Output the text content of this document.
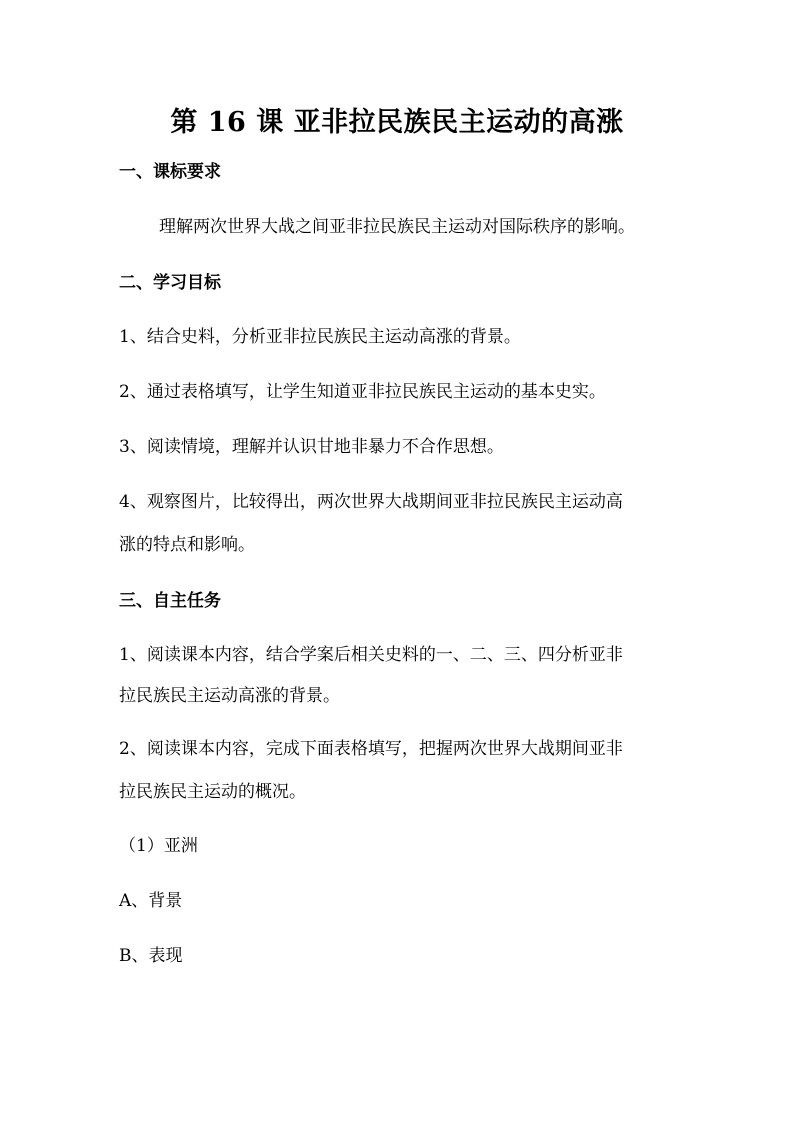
第 16 课 亚非拉民族民主运动的高涨
一、课标要求
理解两次世界大战之间亚非拉民族民主运动对国际秩序的影响。
二、学习目标
1、结合史料，分析亚非拉民族民主运动高涨的背景。
2、通过表格填写，让学生知道亚非拉民族民主运动的基本史实。
3、阅读情境，理解并认识甘地非暴力不合作思想。
4、观察图片，比较得出，两次世界大战期间亚非拉民族民主运动高
涨的特点和影响。
三、自主任务
1、阅读课本内容，结合学案后相关史料的一、二、三、四分析亚非
拉民族民主运动高涨的背景。
2、阅读课本内容，完成下面表格填写，把握两次世界大战期间亚非
拉民族民主运动的概况。
（1）亚洲
A、背景
B、表现
